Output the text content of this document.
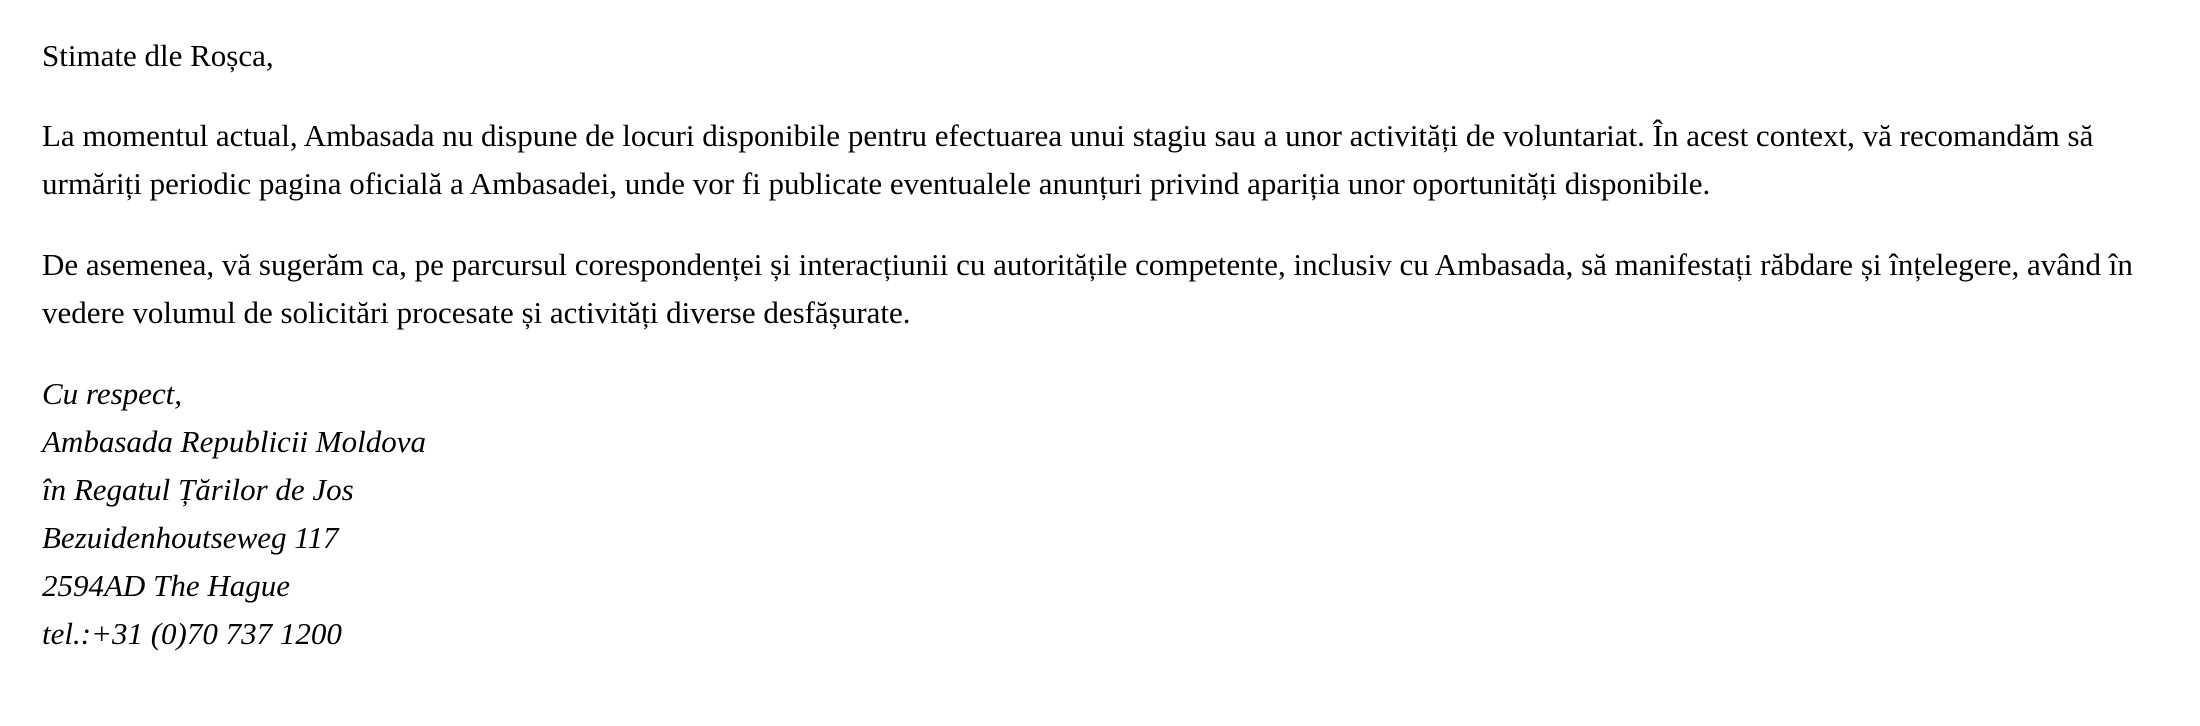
Stimate dle Roșca,

La momentul actual, Ambasada nu dispune de locuri disponibile pentru efectuarea unui stagiu sau a unor activități de voluntariat. În acest context, vă recomandăm să urmăriți periodic pagina oficială a Ambasadei, unde vor fi publicate eventualele anunțuri privind apariția unor oportunități disponibile.

De asemenea, vă sugerăm ca, pe parcursul corespondenței și interacțiunii cu autoritățile competente, inclusiv cu Ambasada, să manifestați răbdare și înțelegere, având în vedere volumul de solicitări procesate și activități diverse desfășurate.

Cu respect,
Ambasada Republicii Moldova
în Regatul Țărilor de Jos
Bezuidenhoutseweg 117
2594AD The Hague
tel.:+31 (0)70 737 1200
